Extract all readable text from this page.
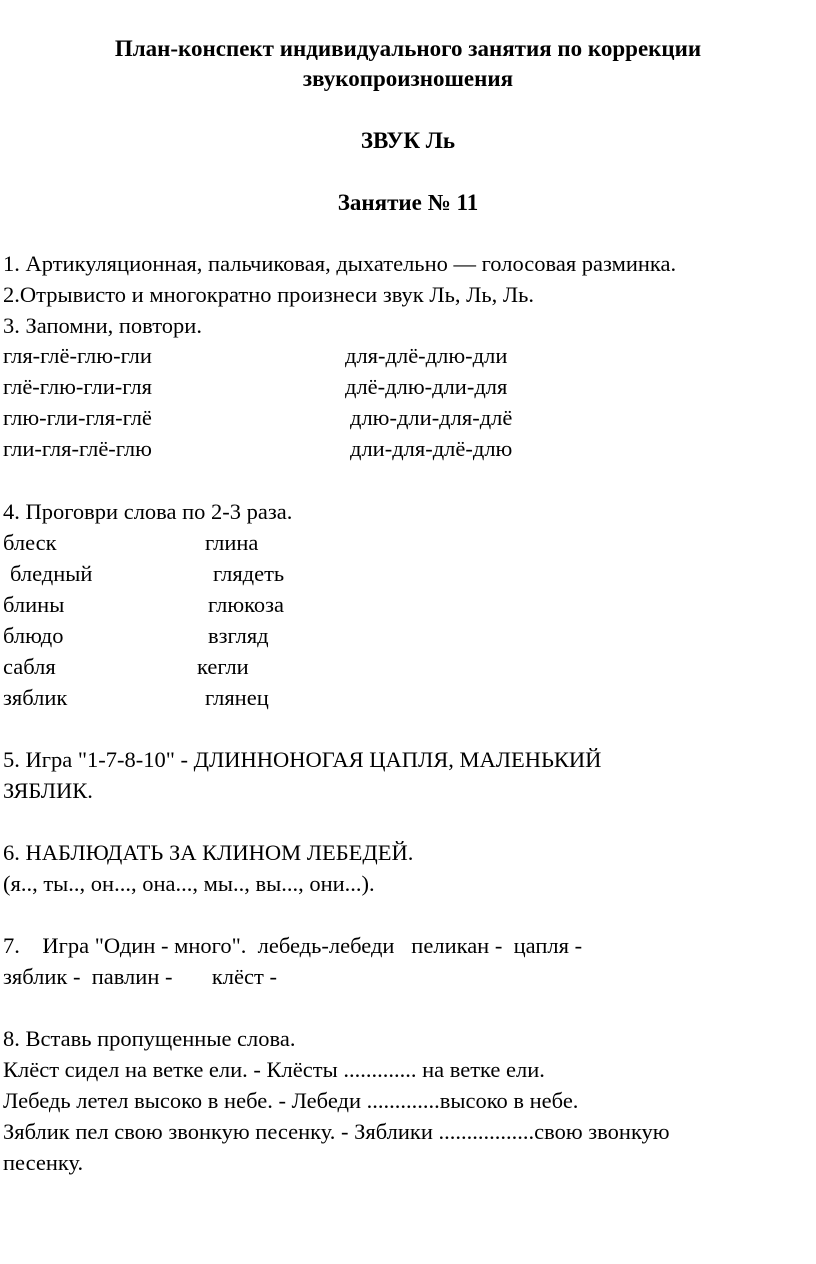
План-конспект индивидуального занятия по коррекции
звукопроизношения
ЗВУК Ль
Занятие № 11
1. Артикуляционная, пальчиковая, дыхательно — голосовая разминка.
2.Отрывисто и многократно произнеси звук Ль, Ль, Ль.
3. Запомни, повтори.
гля-глё-глю-гли	для-длё-длю-дли
глё-глю-гли-гля	длё-длю-дли-для
глю-гли-гля-глё	длю-дли-для-длё
гли-гля-глё-глю	дли-для-длё-длю
4. Проговри слова по 2-3 раза.
блеск	глина
бледный	глядеть
блины	глюкоза
блюдо	взгляд
сабля	кегли
зяблик	глянец
5. Игра "1-7-8-10" - ДЛИННОНОГАЯ ЦАПЛЯ, МАЛЕНЬКИЙ
ЗЯБЛИК.
6. НАБЛЮДАТЬ ЗА КЛИНОМ ЛЕБЕДЕЙ.
(я.., ты.., он..., она..., мы.., вы..., они...).
7.    Игра "Один - много".  лебедь-лебеди   пеликан -  цапля -
зяблик -  павлин -       клёст -
8. Вставь пропущенные слова.
Клёст сидел на ветке ели. - Клёсты ............. на ветке ели.
Лебедь летел высоко в небе. - Лебеди .............высоко в небе.
Зяблик пел свою звонкую песенку. - Зяблики .................свою звонкую
песенку.
